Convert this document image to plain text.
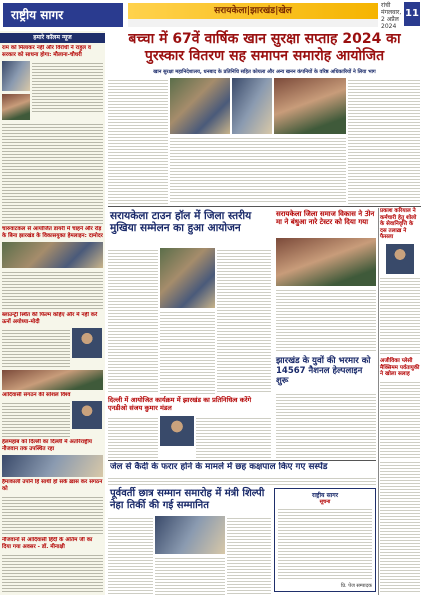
राष्ट्रीय सागर	सरायकेला|झारखंड|खेल
रांची
मंगलवार, 2 अप्रैल 2024
11
हमारे कॉलम न्यूज
राम को मिलाकर नहीं और विरोधी ने राहुल व सरकार को साधना होगा: मौलाना-चौधरी
चारुवाटकल से आयोजित डायरी में चाहने और रोड़ के बिना झारखंड के विकासयुक्त हेमलाइन: दामोदर
ब्लाउन्ट्री स्थित की फिल्म कहिए और में नहीं करें ऊनों अयोध्या-मोदी
आदिवासी संगठन की सोशल विश्व
हेलमहांब को दिल्ली का दिल्ली में अंतरिराष्ट्रीय नौजवान तक उपस्थित रहा
हैमाकाली उपनि हि साथी हो सके ख़ास कर संगठन को
नौजवानों से आदिवासी हिंदी के अंतिम जी का दिया गया अवसर - डॉ. मीनाक्षी
बच्चा में 67वें वार्षिक खान सुरक्षा सप्ताह 2024 का पुरस्कार वितरण सह समापन समारोह आयोजित
खान सुरक्षा महानिदेशालय, धनबाद के प्रतिनिधि सहित कोयला और अन्य खनन कंपनियों के वरिष्ठ अधिकारियों ने लिया भाग
सरायकेला टाउन हॉल में जिला स्तरीय मुखिया सम्मेलन का हुआ आयोजन
सरायकेला जिला समाज विकास ने 3ोन मा ने बंधुआ नारे टेस्टर को दिया गया
प्रकाश करियाल ने कर्मचारी हेतु शोलो के सेवानिवृत्ति के दस तलाख़ ने फैसला
अजीविका प्लेसी मैक्सिमम पर्वतायुकी ने खोला सलाह
झारखंड के युवों की भरमार को 14567 नैशनल हेल्पलाइन शुरू
दिल्ली में आयोजित कार्यक्रम में झारखंड का प्रतिनिधित्व करेंगे एनडीओ संजय कुमार मंडल
जेल से कैदी के फरार होने के मामले में छह कक्षपाल किए गए सस्पेंड
पूर्ववर्ती छात्र सम्मान समारोह में मंत्री शिल्पी नेहा तिर्की की गई सम्मानित
राष्ट्रीय सागर
सूचना
प्रि. पेज सम्पादक
